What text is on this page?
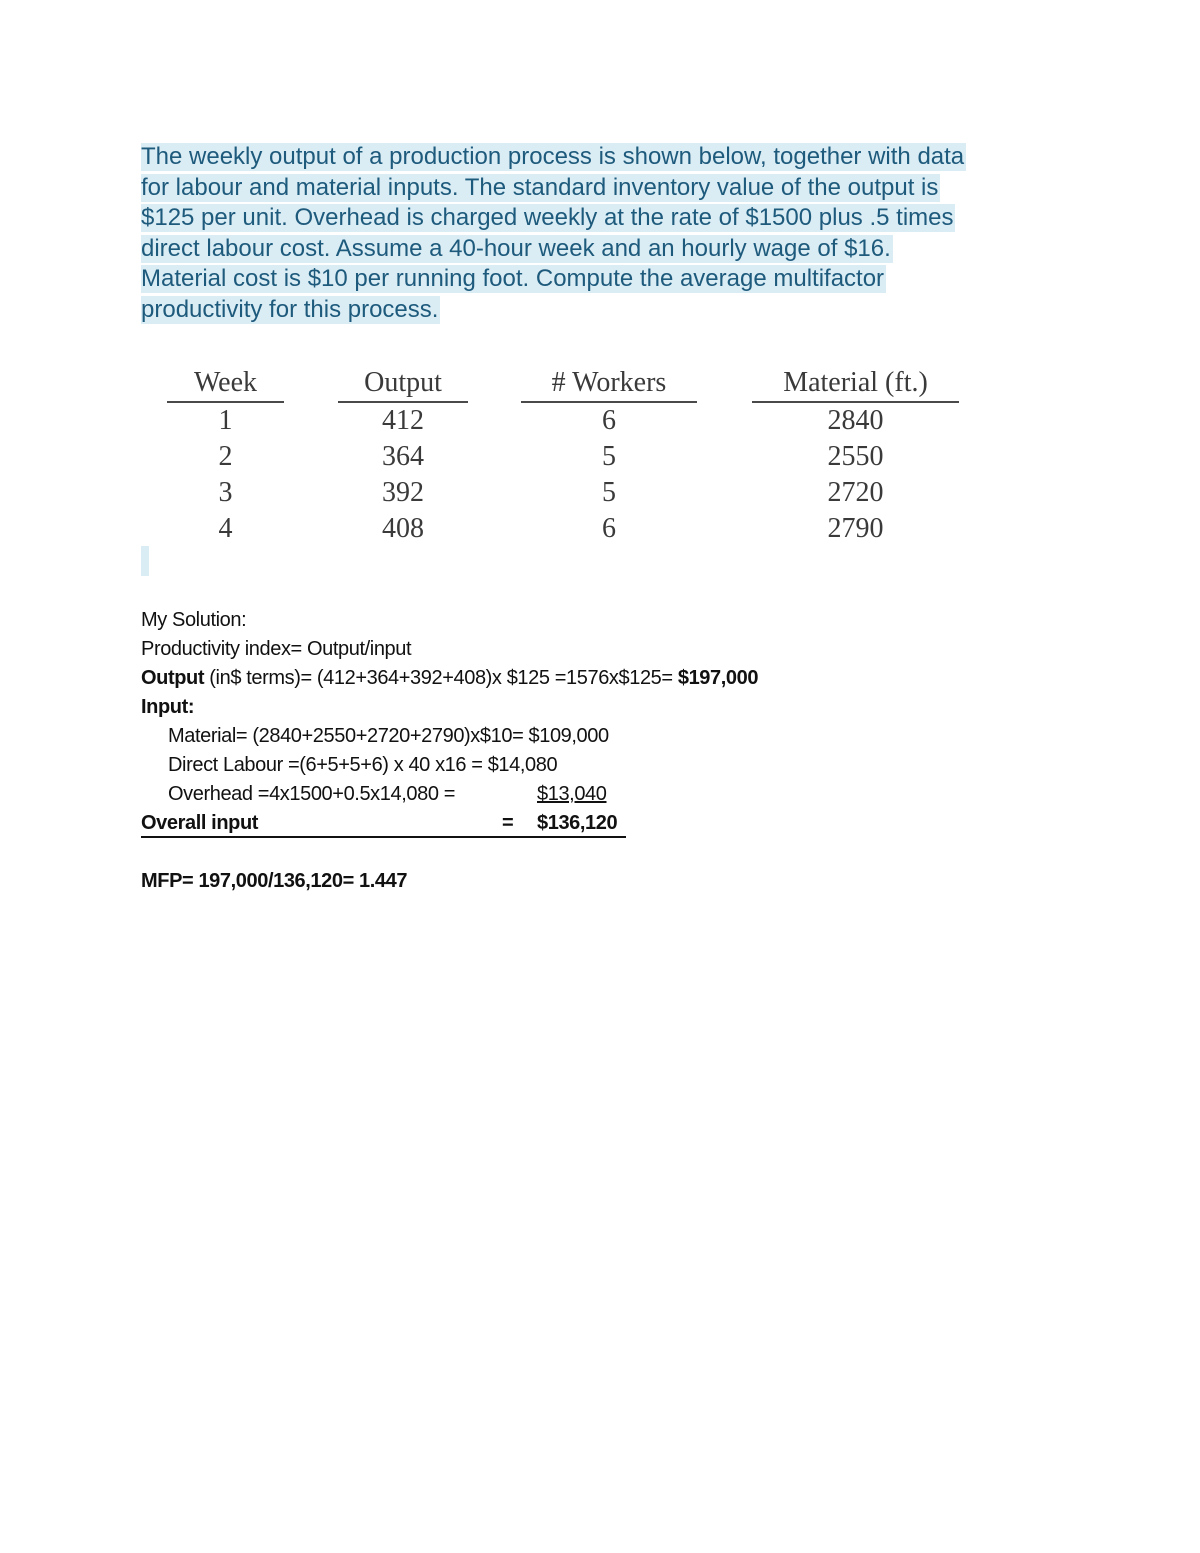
The weekly output of a production process is shown below, together with data
for labour and material inputs. The standard inventory value of the output is
$125 per unit. Overhead is charged weekly at the rate of $1500 plus .5 times
direct labour cost. Assume a 40-hour week and an hourly wage of $16.
Material cost is $10 per running foot. Compute the average multifactor
productivity for this process.
Week
1
2
3
4
Output
412
364
392
408
# Workers
6
5
5
6
Material (ft.)
2840
2550
2720
2790
My Solution:
Productivity index= Output/input
Output (in$ terms)= (412+364+392+408)x $125 =1576x$125= $197,000
Input:
Material= (2840+2550+2720+2790)x$10= $109,000
Direct Labour =(6+5+5+6) x 40 x16 = $14,080
Overhead =4x1500+0.5x14,080 =	$13,040
Overall input	= $136,120
MFP= 197,000/136,120= 1.447
